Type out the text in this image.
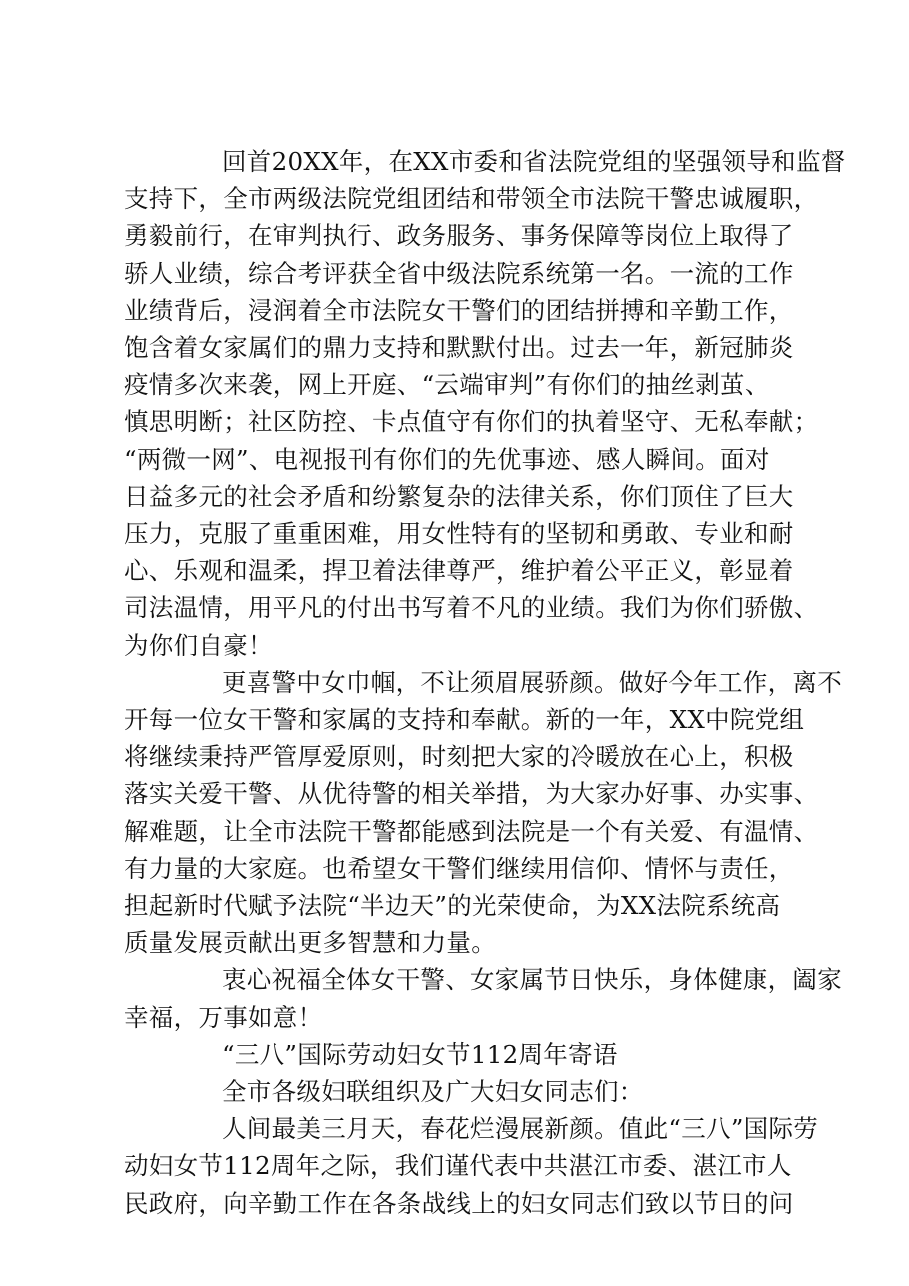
回首20XX年，在XX市委和省法院党组的坚强领导和监督
支持下，全市两级法院党组团结和带领全市法院干警忠诚履职，
勇毅前行，在审判执行、政务服务、事务保障等岗位上取得了
骄人业绩，综合考评获全省中级法院系统第一名。一流的工作
业绩背后，浸润着全市法院女干警们的团结拼搏和辛勤工作，
饱含着女家属们的鼎力支持和默默付出。过去一年，新冠肺炎
疫情多次来袭，网上开庭、“云端审判”有你们的抽丝剥茧、
慎思明断；社区防控、卡点值守有你们的执着坚守、无私奉献；
“两微一网”、电视报刊有你们的先优事迹、感人瞬间。面对
日益多元的社会矛盾和纷繁复杂的法律关系，你们顶住了巨大
压力，克服了重重困难，用女性特有的坚韧和勇敢、专业和耐
心、乐观和温柔，捍卫着法律尊严，维护着公平正义，彰显着
司法温情，用平凡的付出书写着不凡的业绩。我们为你们骄傲、
为你们自豪！

更喜警中女巾帼，不让须眉展骄颜。做好今年工作，离不
开每一位女干警和家属的支持和奉献。新的一年，XX中院党组
将继续秉持严管厚爱原则，时刻把大家的冷暖放在心上，积极
落实关爱干警、从优待警的相关举措，为大家办好事、办实事、
解难题，让全市法院干警都能感到法院是一个有关爱、有温情、
有力量的大家庭。也希望女干警们继续用信仰、情怀与责任，
担起新时代赋予法院“半边天”的光荣使命，为XX法院系统高
质量发展贡献出更多智慧和力量。

衷心祝福全体女干警、女家属节日快乐，身体健康，阖家
幸福，万事如意！

“三八”国际劳动妇女节112周年寄语

全市各级妇联组织及广大妇女同志们：

人间最美三月天，春花烂漫展新颜。值此“三八”国际劳
动妇女节112周年之际，我们谨代表中共湛江市委、湛江市人
民政府，向辛勤工作在各条战线上的妇女同志们致以节日的问
